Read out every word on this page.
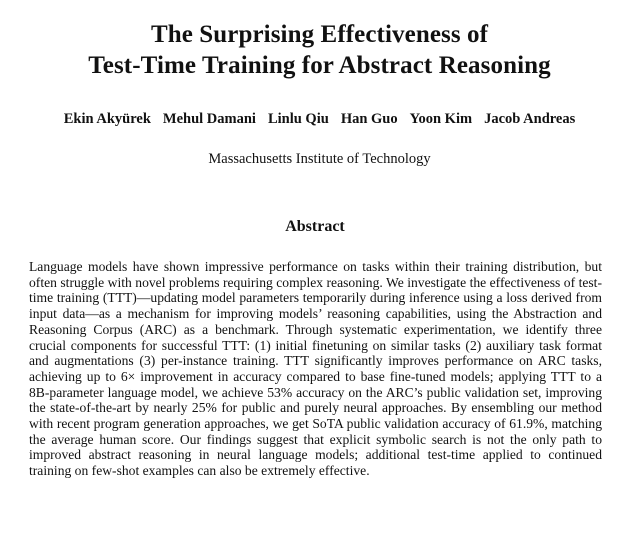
The Surprising Effectiveness of
Test-Time Training for Abstract Reasoning
Ekin Akyürek Mehul Damani Linlu Qiu Han Guo Yoon Kim Jacob Andreas
Massachusetts Institute of Technology
Abstract
Language models have shown impressive performance on tasks within their training distribution, but often struggle with novel problems requiring complex reasoning. We investigate the effectiveness of test-time training (TTT)—updating model parameters temporarily during inference using a loss derived from input data—as a mechanism for improving models’ reasoning capabilities, using the Abstraction and Reasoning Corpus (ARC) as a benchmark. Through systematic experimentation, we identify three crucial components for successful TTT: (1) initial finetuning on similar tasks (2) auxiliary task format and augmentations (3) per-instance training. TTT significantly improves performance on ARC tasks, achieving up to 6× improvement in accuracy compared to base fine-tuned models; applying TTT to a 8B-parameter language model, we achieve 53% accuracy on the ARC’s public validation set, improving the state-of-the-art by nearly 25% for public and purely neural approaches. By ensembling our method with recent program generation approaches, we get SoTA public validation accuracy of 61.9%, matching the average human score. Our findings suggest that explicit symbolic search is not the only path to improved abstract reasoning in neural language models; additional test-time applied to continued training on few-shot examples can also be extremely effective.
